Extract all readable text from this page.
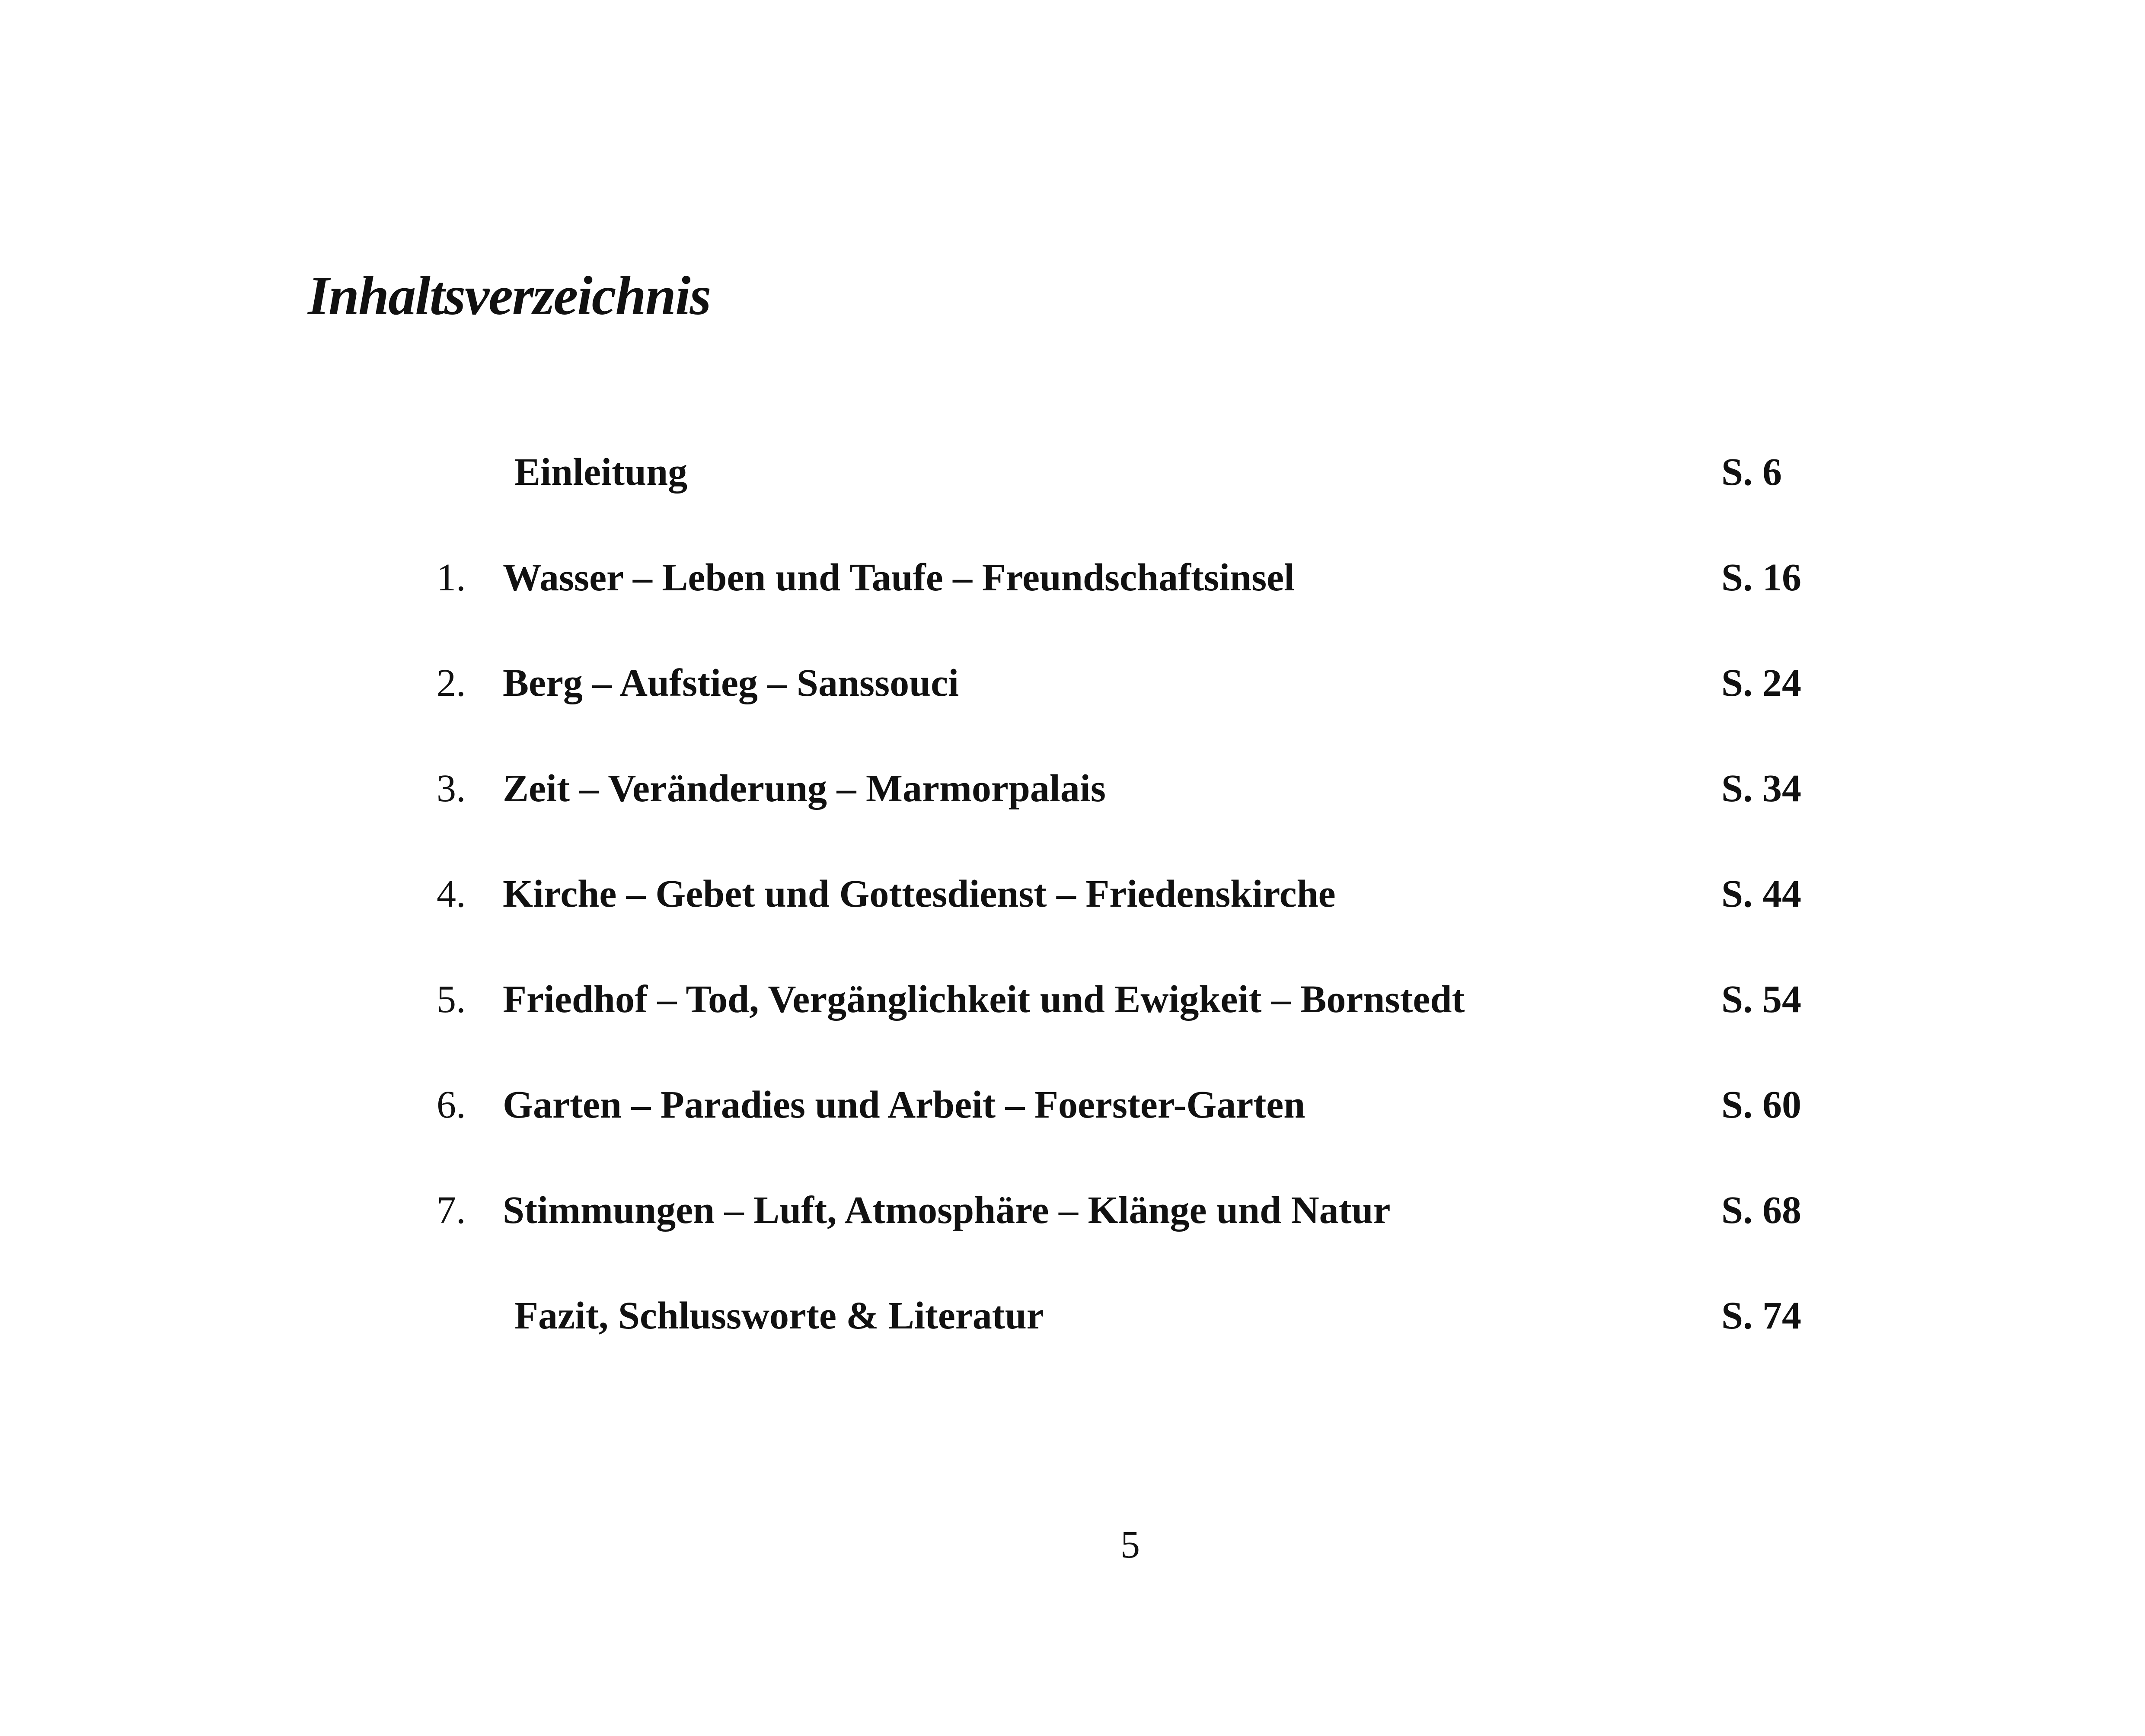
Inhaltsverzeichnis
Einleitung	S. 6
1. Wasser – Leben und Taufe – Freundschaftsinsel	S. 16
2. Berg – Aufstieg – Sanssouci	S. 24
3. Zeit – Veränderung – Marmorpalais	S. 34
4. Kirche – Gebet und Gottesdienst – Friedenskirche	S. 44
5. Friedhof – Tod, Vergänglichkeit und Ewigkeit – Bornstedt	S. 54
6. Garten – Paradies und Arbeit – Foerster-Garten	S. 60
7. Stimmungen – Luft, Atmosphäre – Klänge und Natur	S. 68
Fazit, Schlussworte & Literatur	S. 74
5
